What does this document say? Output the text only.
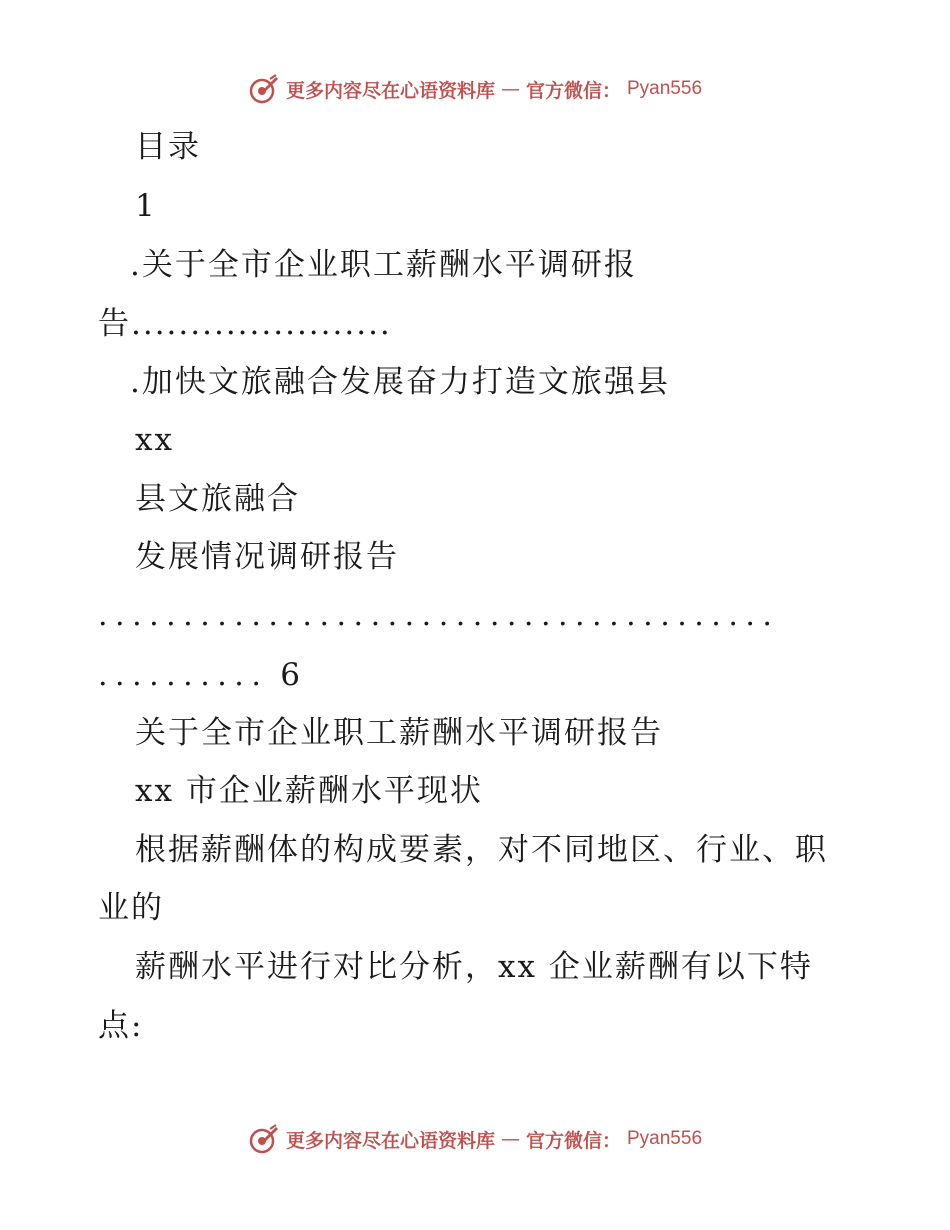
更多内容尽在心语资料库 — 官方微信： Pyan556
目录
1
.关于全市企业职工薪酬水平调研报
告......................
.加快文旅融合发展奋力打造文旅强县
xx
县文旅融合
发展情况调研报告
........................................
.......... 6
关于全市企业职工薪酬水平调研报告
xx 市企业薪酬水平现状
根据薪酬体的构成要素，对不同地区、行业、职
业的
薪酬水平进行对比分析，xx 企业薪酬有以下特
点:
更多内容尽在心语资料库 — 官方微信： Pyan556
